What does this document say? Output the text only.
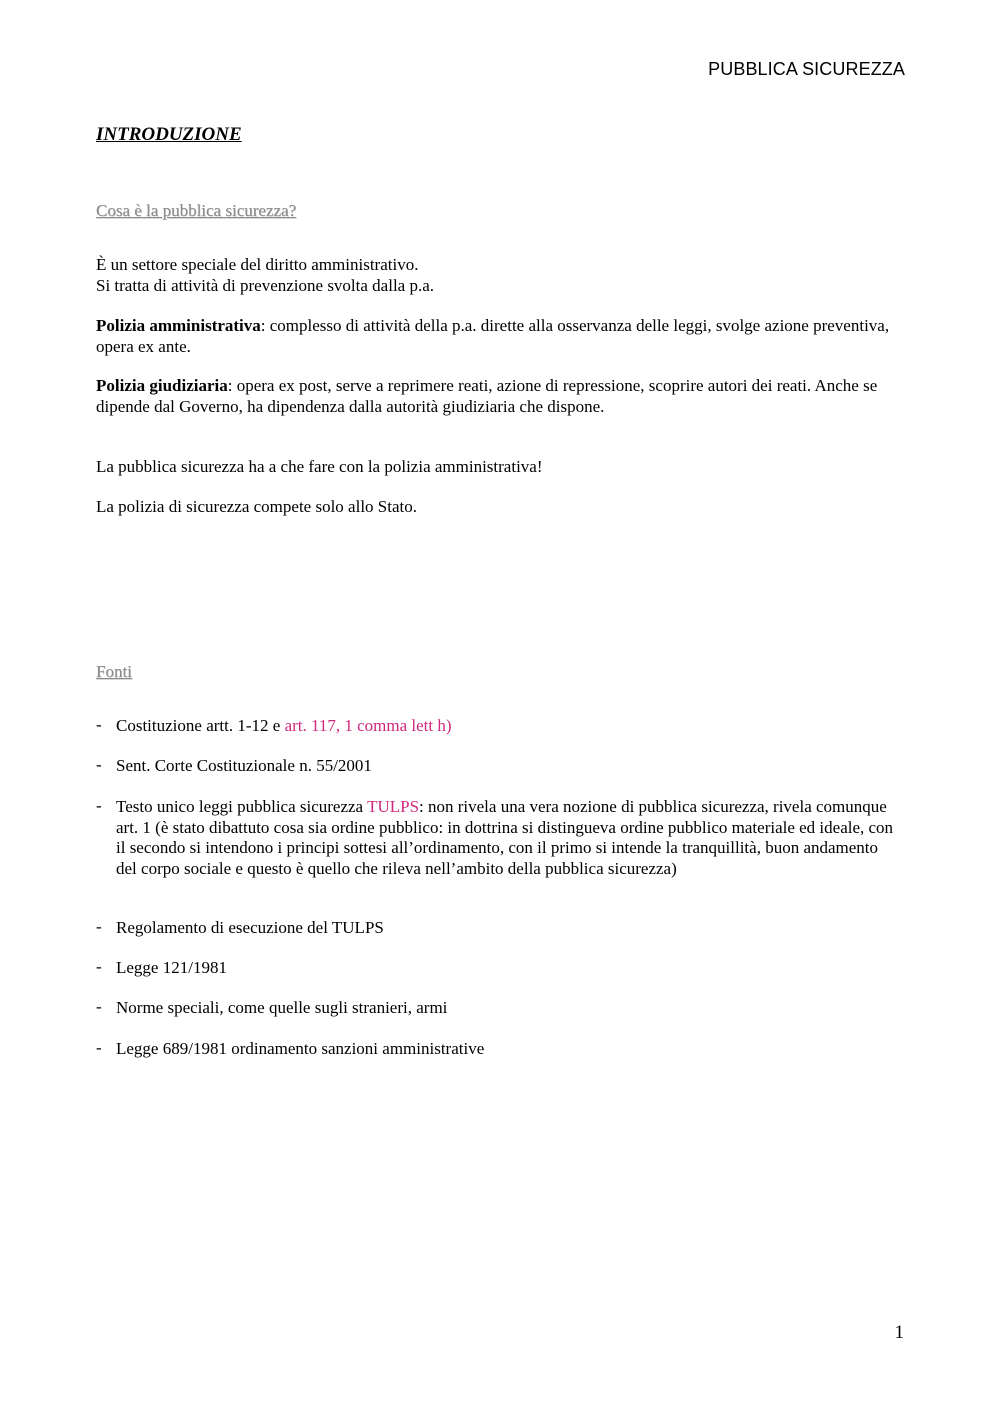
PUBBLICA SICUREZZA
INTRODUZIONE
Cosa è la pubblica sicurezza?
È un settore speciale del diritto amministrativo.
Si tratta di attività di prevenzione svolta dalla p.a.
Polizia amministrativa: complesso di attività della p.a. dirette alla osservanza delle leggi, svolge azione preventiva, opera ex ante.
Polizia giudiziaria: opera ex post, serve a reprimere reati, azione di repressione, scoprire autori dei reati. Anche se dipende dal Governo, ha dipendenza dalla autorità giudiziaria che dispone.
La pubblica sicurezza ha a che fare con la polizia amministrativa!
La polizia di sicurezza compete solo allo Stato.
Fonti
- Costituzione artt. 1-12 e art. 117, 1 comma lett h)
- Sent. Corte Costituzionale n. 55/2001
- Testo unico leggi pubblica sicurezza TULPS: non rivela una vera nozione di pubblica sicurezza, rivela comunque art. 1 (è stato dibattuto cosa sia ordine pubblico: in dottrina si distingueva ordine pubblico materiale ed ideale, con il secondo si intendono i principi sottesi all’ordinamento, con il primo si intende la tranquillità, buon andamento del corpo sociale e questo è quello che rileva nell’ambito della pubblica sicurezza)
- Regolamento di esecuzione del TULPS
- Legge 121/1981
- Norme speciali, come quelle sugli stranieri, armi
- Legge 689/1981 ordinamento sanzioni amministrative
1
